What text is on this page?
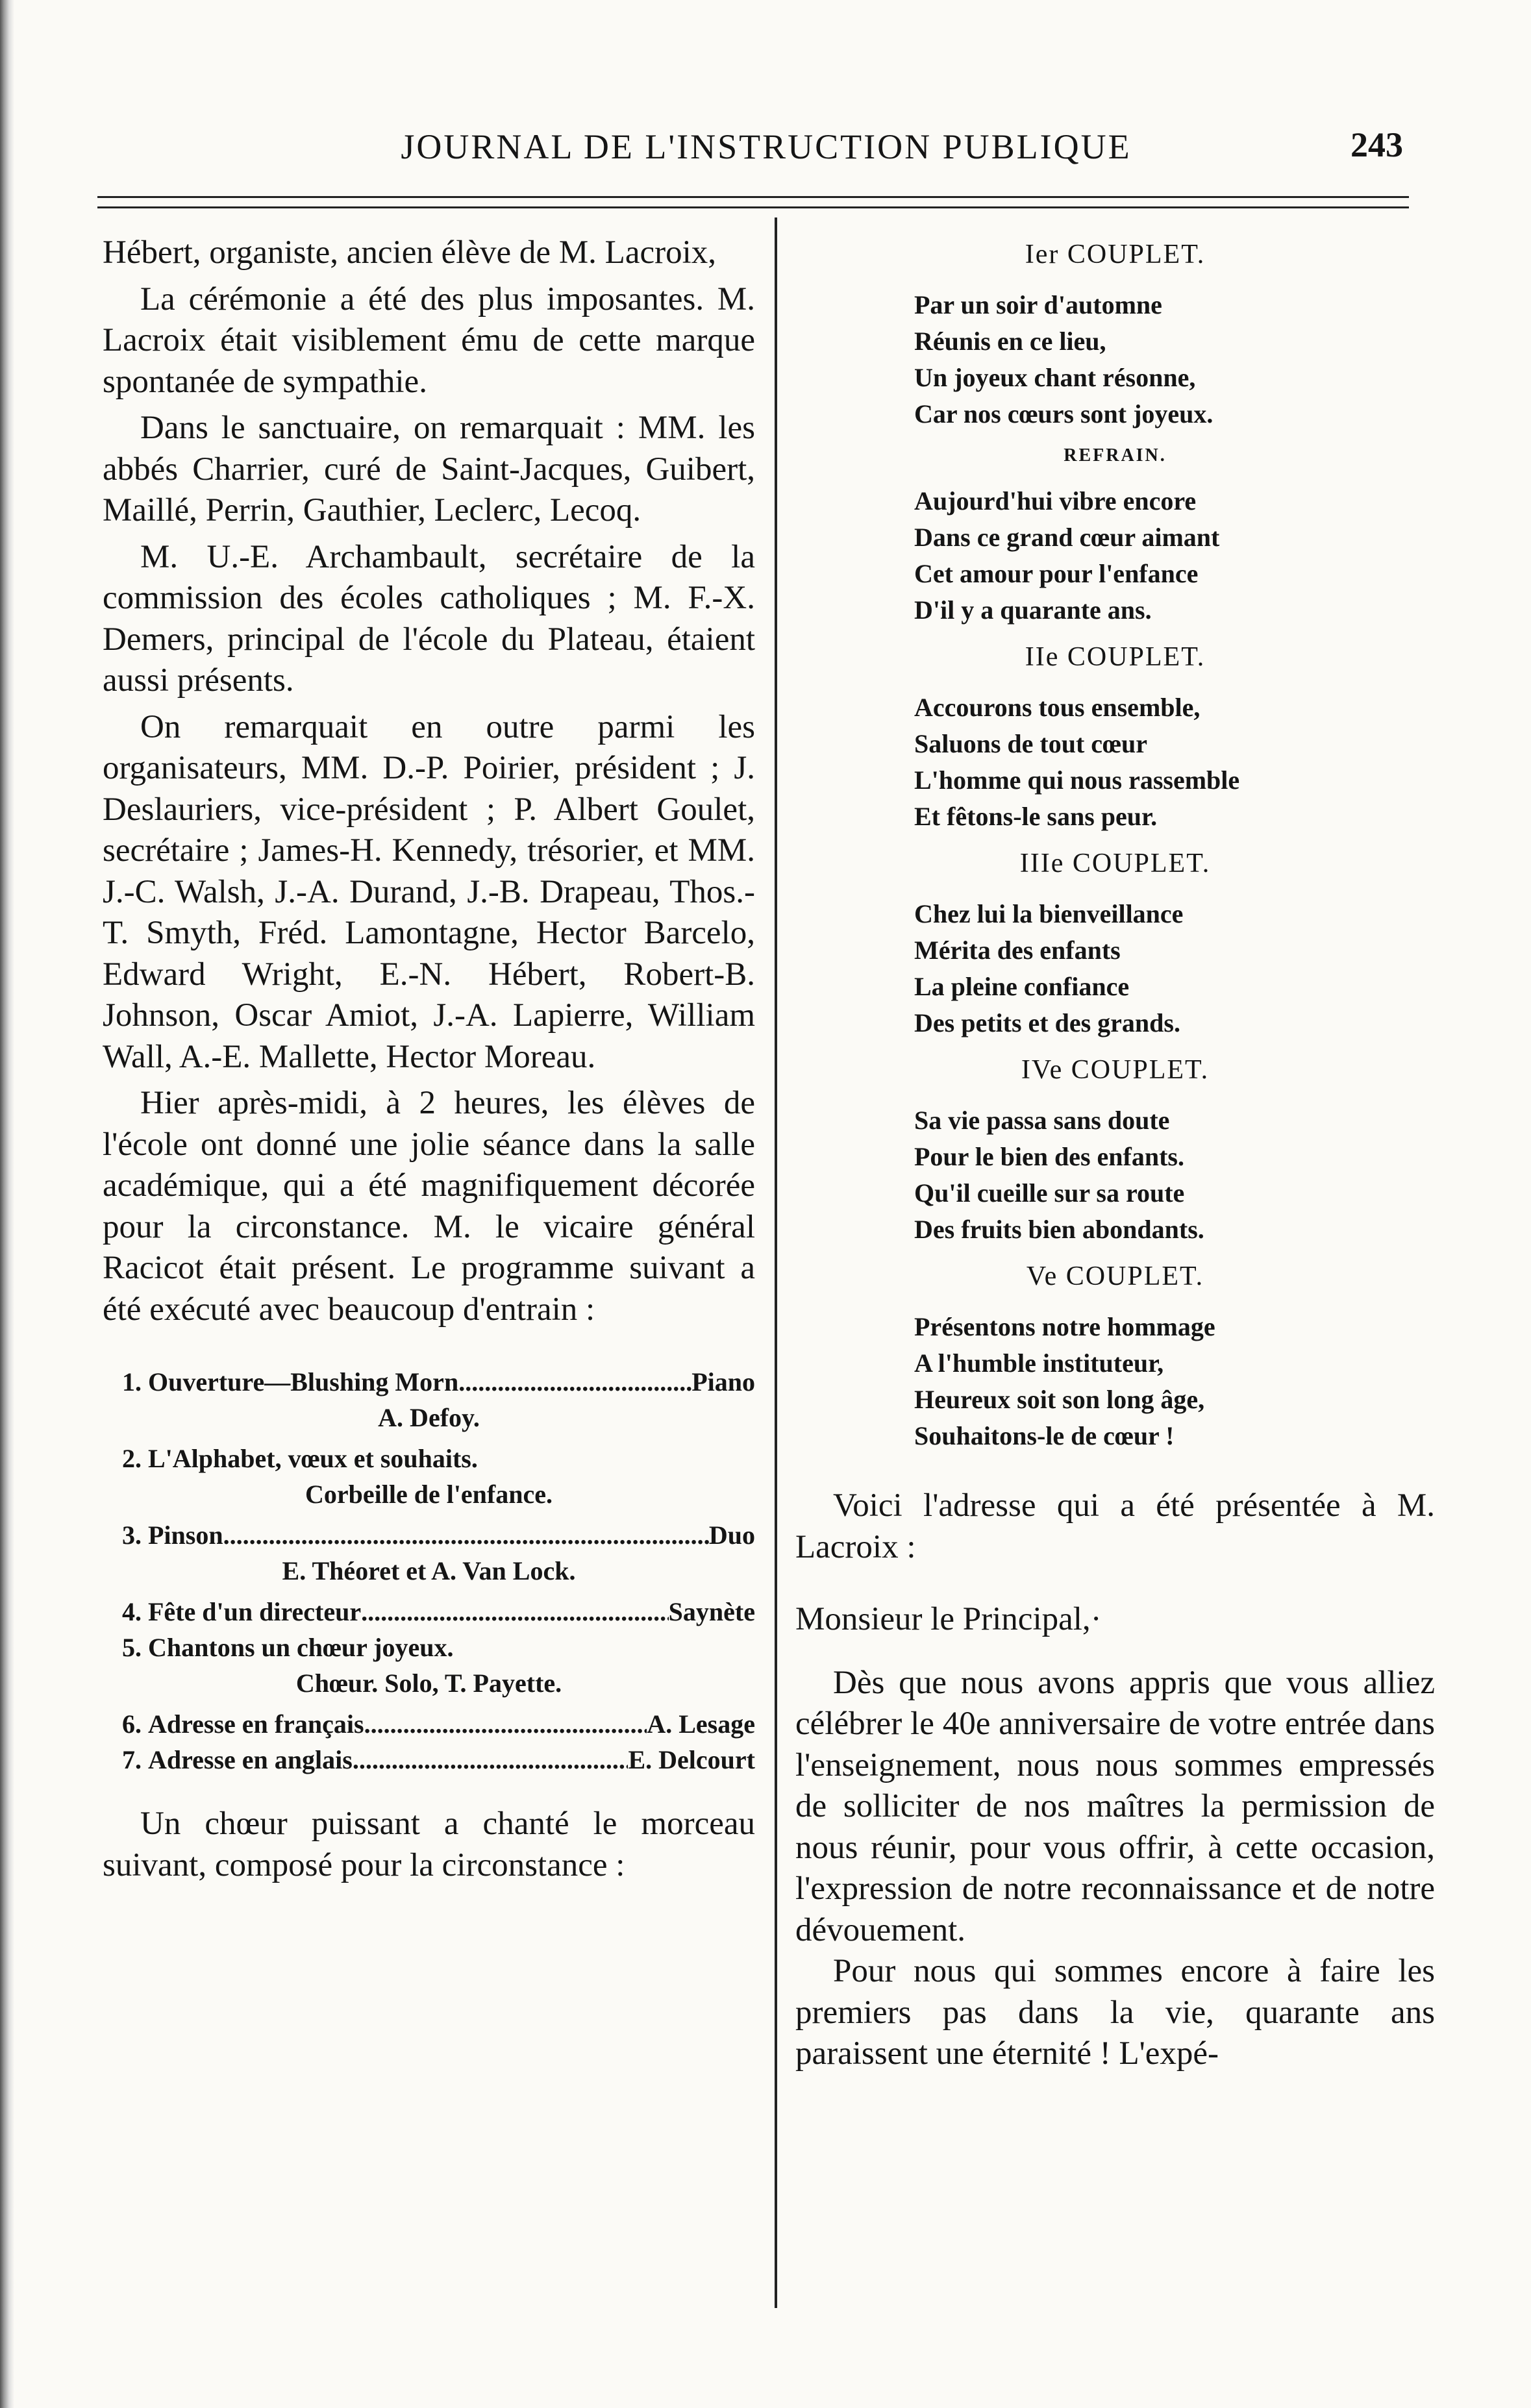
JOURNAL DE L'INSTRUCTION PUBLIQUE	243

Hébert, organiste, ancien élève de M. Lacroix,

La cérémonie a été des plus imposantes. M. Lacroix était visiblement ému de cette marque spontanée de sympathie.

Dans le sanctuaire, on remarquait : MM. les abbés Charrier, curé de Saint-Jacques, Guibert, Maillé, Perrin, Gauthier, Leclerc, Lecoq.

M. U.-E. Archambault, secrétaire de la commission des écoles catholiques ; M. F.-X. Demers, principal de l'école du Plateau, étaient aussi présents.

On remarquait en outre parmi les organisateurs, MM. D.-P. Poirier, président ; J. Deslauriers, vice-président ; P. Albert Goulet, secrétaire ; James-H. Kennedy, trésorier, et MM. J.-C. Walsh, J.-A. Durand, J.-B. Drapeau, Thos.-T. Smyth, Fréd. Lamontagne, Hector Barcelo, Edward Wright, E.-N. Hébert, Robert-B. Johnson, Oscar Amiot, J.-A. Lapierre, William Wall, A.-E. Mallette, Hector Moreau.

Hier après-midi, à 2 heures, les élèves de l'école ont donné une jolie séance dans la salle académique, qui a été magnifiquement décorée pour la circonstance. M. le vicaire général Racicot était présent. Le programme suivant a été exécuté avec beaucoup d'entrain :

1.
Ouverture—Blushing Morn .....	Piano
A. Defoy.
2. L'Alphabet, vœux et souhaits.
Corbeille de l'enfance.
3.
Pinson .....	Duo
E. Théoret et A. Van Lock.
4.
Fête d'un directeur .....	Saynète
5. Chantons un chœur joyeux.
Chœur. Solo, T. Payette.
6.
Adresse en français .....	A. Lesage
7.
Adresse en anglais .....	E. Delcourt

Un chœur puissant a chanté le morceau suivant, composé pour la circonstance :

Ier COUPLET.
Par un soir d'automne
Réunis en ce lieu,
Un joyeux chant résonne,
Car nos cœurs sont joyeux.
REFRAIN.
Aujourd'hui vibre encore
Dans ce grand cœur aimant
Cet amour pour l'enfance
D'il y a quarante ans.
IIe COUPLET.
Accourons tous ensemble,
Saluons de tout cœur
L'homme qui nous rassemble
Et fêtons-le sans peur.
IIIe COUPLET.
Chez lui la bienveillance
Mérita des enfants
La pleine confiance
Des petits et des grands.
IVe COUPLET.
Sa vie passa sans doute
Pour le bien des enfants.
Qu'il cueille sur sa route
Des fruits bien abondants.
Ve COUPLET.
Présentons notre hommage
A l'humble instituteur,
Heureux soit son long âge,
Souhaitons-le de cœur !

Voici l'adresse qui a été présentée à M. Lacroix :

Monsieur le Principal,·

Dès que nous avons appris que vous alliez célébrer le 40e anniversaire de votre entrée dans l'enseignement, nous nous sommes empressés de solliciter de nos maîtres la permission de nous réunir, pour vous offrir, à cette occasion, l'expression de notre reconnaissance et de notre dévouement.

Pour nous qui sommes encore à faire les premiers pas dans la vie, quarante ans paraissent une éternité ! L'expé-
